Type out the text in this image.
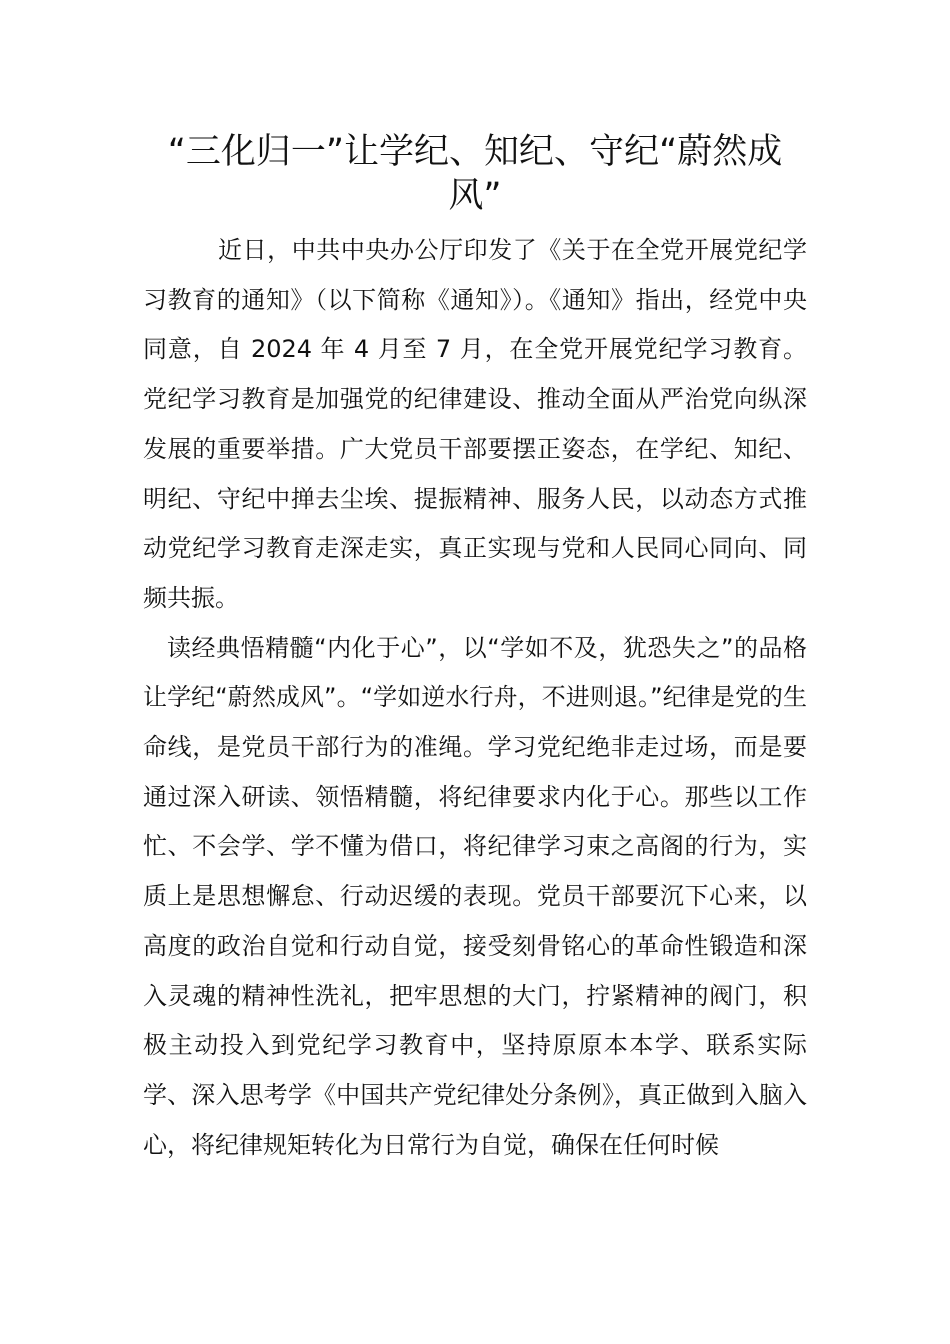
“三化归一”让学纪、知纪、守纪“蔚然成风”

近日，中共中央办公厅印发了《关于在全党开展党纪学习教育的通知》（以下简称《通知》）。《通知》指出，经党中央同意，自 2024 年 4 月至 7 月，在全党开展党纪学习教育。党纪学习教育是加强党的纪律建设、推动全面从严治党向纵深发展的重要举措。广大党员干部要摆正姿态，在学纪、知纪、明纪、守纪中掸去尘埃、提振精神、服务人民，以动态方式推动党纪学习教育走深走实，真正实现与党和人民同心同向、同频共振。

读经典悟精髓“内化于心”，以“学如不及，犹恐失之”的品格让学纪“蔚然成风”。“学如逆水行舟，不进则退。”纪律是党的生命线，是党员干部行为的准绳。学习党纪绝非走过场，而是要通过深入研读、领悟精髓，将纪律要求内化于心。那些以工作忙、不会学、学不懂为借口，将纪律学习束之高阁的行为，实质上是思想懈怠、行动迟缓的表现。党员干部要沉下心来，以高度的政治自觉和行动自觉，接受刻骨铭心的革命性锻造和深入灵魂的精神性洗礼，把牢思想的大门，拧紧精神的阀门，积极主动投入到党纪学习教育中，坚持原原本本学、联系实际学、深入思考学《中国共产党纪律处分条例》，真正做到入脑入心，将纪律规矩转化为日常行为自觉，确保在任何时候
